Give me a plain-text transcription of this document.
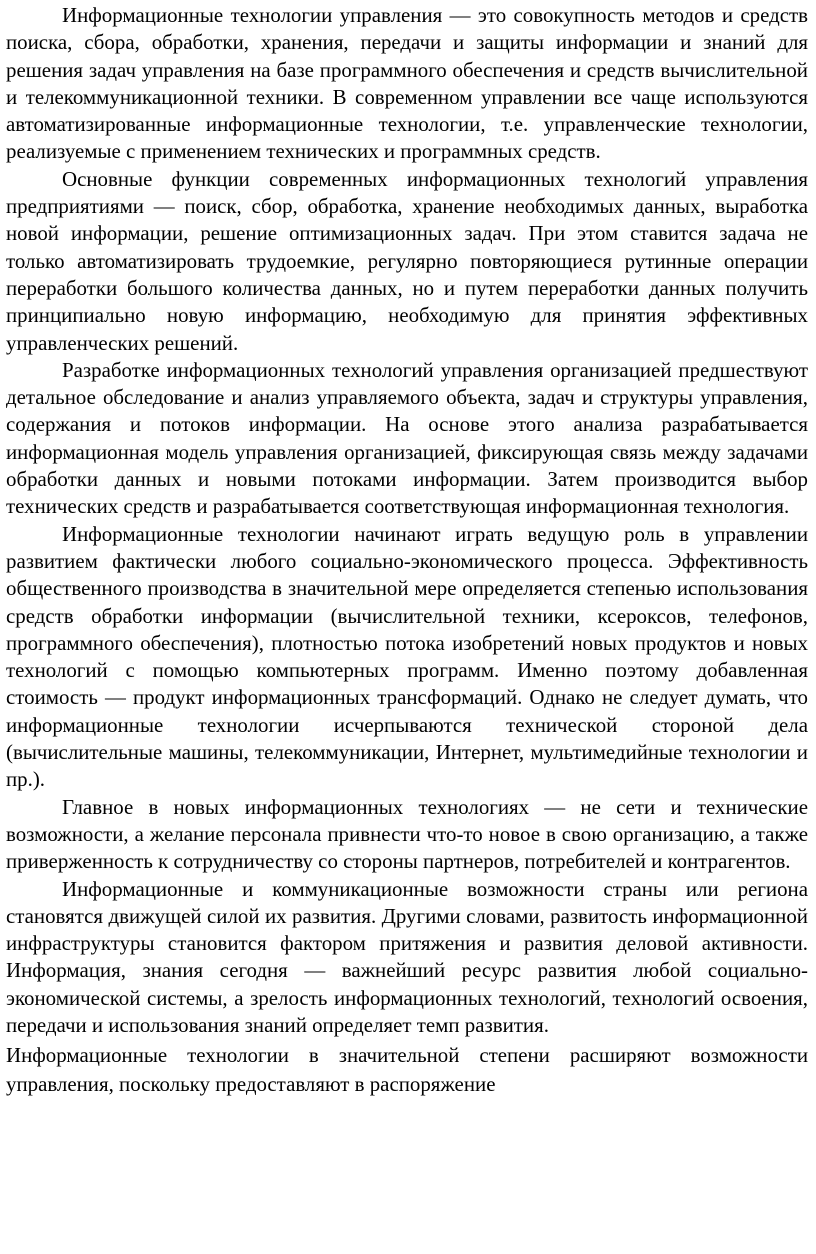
Информационные технологии управления — это совокупность методов и средств поиска, сбора, обработки, хранения, передачи и защиты информации и знаний для решения задач управления на базе программного обеспечения и средств вычислительной и телекоммуникационной техники. В современном управлении все чаще используются автоматизированные информационные технологии, т.е. управленческие технологии, реализуемые с применением технических и программных средств.

Основные функции современных информационных технологий управления предприятиями — поиск, сбор, обработка, хранение необходимых данных, выработка новой информации, решение оптимизационных задач. При этом ставится задача не только автоматизировать трудоемкие, регулярно повторяющиеся рутинные операции переработки большого количества данных, но и путем переработки данных получить принципиально новую информацию, необходимую для принятия эффективных управленческих решений.

Разработке информационных технологий управления организацией предшествуют детальное обследование и анализ управляемого объекта, задач и структуры управления, содержания и потоков информации. На основе этого анализа разрабатывается информационная модель управления организацией, фиксирующая связь между задачами обработки данных и новыми потоками информации. Затем производится выбор технических средств и разрабатывается соответствующая информационная технология.

Информационные технологии начинают играть ведущую роль в управлении развитием фактически любого социально-экономического процесса. Эффективность общественного производства в значительной мере определяется степенью использования средств обработки информации (вычислительной техники, ксероксов, телефонов, программного обеспечения), плотностью потока изобретений новых продуктов и новых технологий с помощью компьютерных программ. Именно поэтому добавленная стоимость — продукт информационных трансформаций. Однако не следует думать, что информационные технологии исчерпываются технической стороной дела (вычислительные машины, телекоммуникации, Интернет, мультимедийные технологии и пр.).

Главное в новых информационных технологиях — не сети и технические возможности, а желание персонала привнести что-то новое в свою организацию, а также приверженность к сотрудничеству со стороны партнеров, потребителей и контрагентов.

Информационные и коммуникационные возможности страны или региона становятся движущей силой их развития. Другими словами, развитость информационной инфраструктуры становится фактором притяжения и развития деловой активности. Информация, знания сегодня — важнейший ресурс развития любой социально-экономической системы, а зрелость информационных технологий, технологий освоения, передачи и использования знаний определяет темп развития.

Информационные технологии в значительной степени расширяют возможности управления, поскольку предоставляют в распоряжение
